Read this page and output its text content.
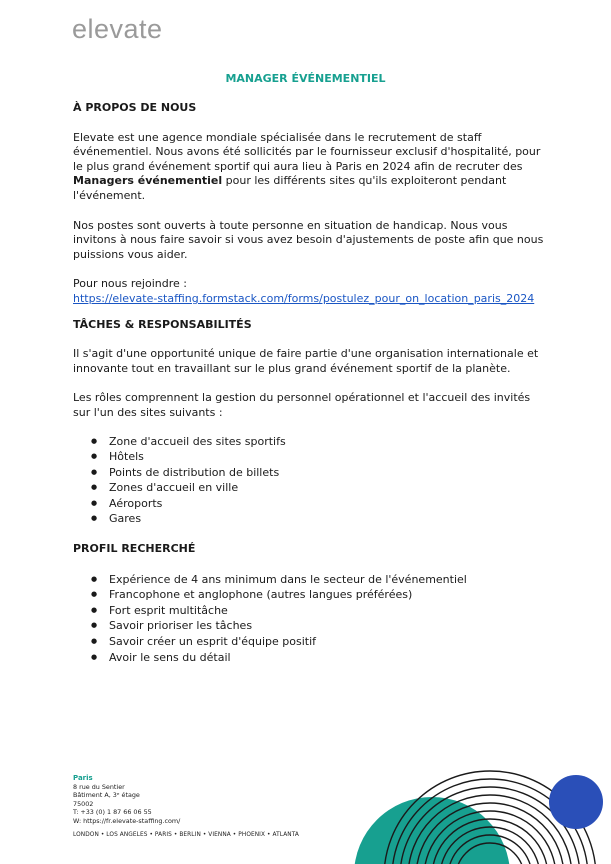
elevate
MANAGER ÉVÉNEMENTIEL
À PROPOS DE NOUS

Elevate est une agence mondiale spécialisée dans le recrutement de staff événementiel. Nous avons été sollicités par le fournisseur exclusif d'hospitalité, pour le plus grand événement sportif qui aura lieu à Paris en 2024 afin de recruter des Managers événementiel pour les différents sites qu'ils exploiteront pendant l'événement.

Nos postes sont ouverts à toute personne en situation de handicap. Nous vous invitons à nous faire savoir si vous avez besoin d'ajustements de poste afin que nous puissions vous aider.

Pour nous rejoindre :
https://elevate-staffing.formstack.com/forms/postulez_pour_on_location_paris_2024

TÂCHES & RESPONSABILITÉS

Il s'agit d'une opportunité unique de faire partie d'une organisation internationale et innovante tout en travaillant sur le plus grand événement sportif de la planète.

Les rôles comprennent la gestion du personnel opérationnel et l'accueil des invités sur l'un des sites suivants :

● Zone d'accueil des sites sportifs
● Hôtels
● Points de distribution de billets
● Zones d'accueil en ville
● Aéroports
● Gares
PROFIL RECHERCHÉ
● Expérience de 4 ans minimum dans le secteur de l'événementiel
● Francophone et anglophone (autres langues préférées)
● Fort esprit multitâche
● Savoir prioriser les tâches
● Savoir créer un esprit d'équipe positif
● Avoir le sens du détail
Paris
8 rue du Sentier
Bâtiment A, 3ᵉ étage
75002
T: +33 (0) 1 87 66 06 55
W: https://fr.elevate-staffing.com/
LONDON • LOS ANGELES • PARIS • BERLIN • VIENNA • PHOENIX • ATLANTA
